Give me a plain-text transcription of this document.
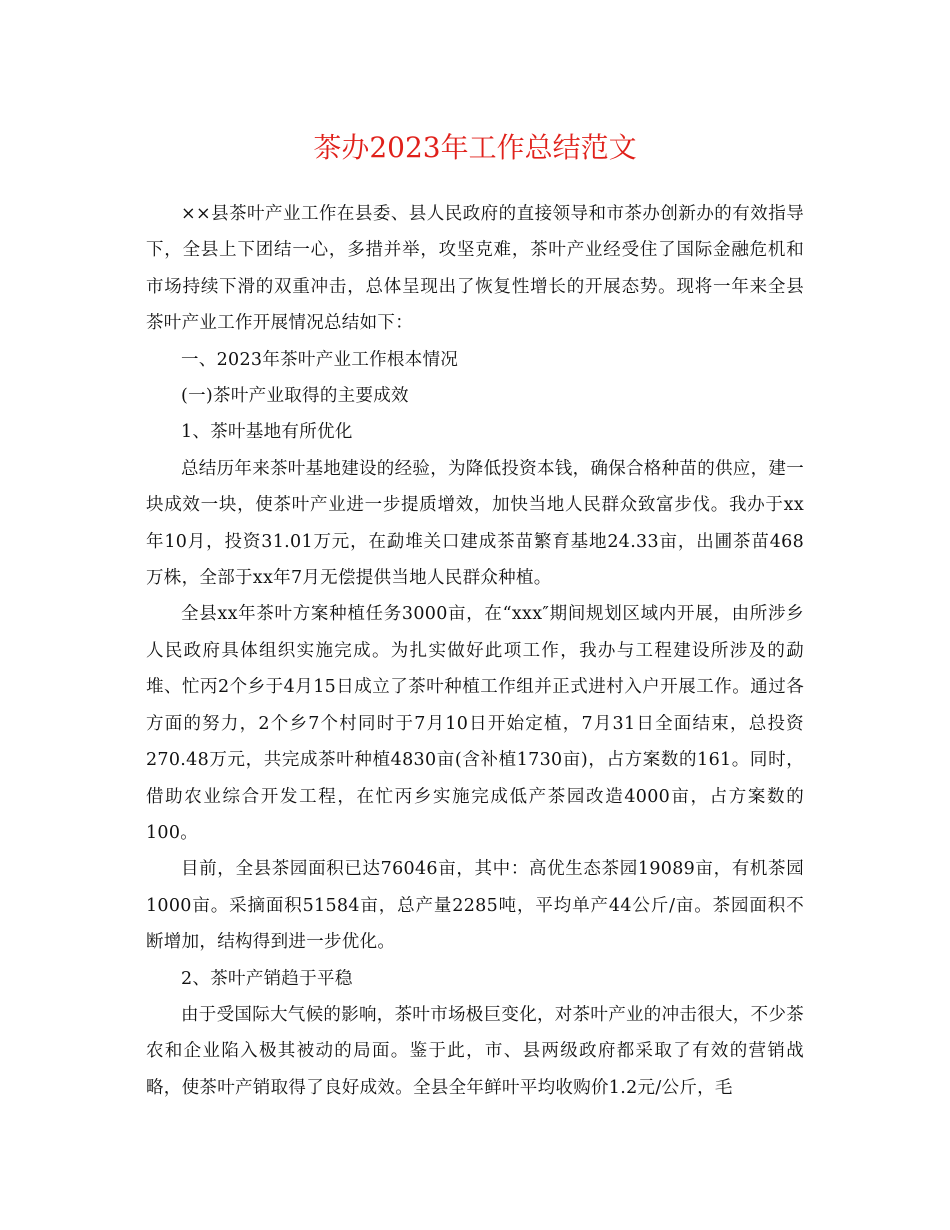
茶办2023年工作总结范文

××县茶叶产业工作在县委、县人民政府的直接领导和市茶办创新办的有效指导下，全县上下团结一心，多措并举，攻坚克难，茶叶产业经受住了国际金融危机和市场持续下滑的双重冲击，总体呈现出了恢复性增长的开展态势。现将一年来全县茶叶产业工作开展情况总结如下：

一、2023年茶叶产业工作根本情况

(一)茶叶产业取得的主要成效

1、茶叶基地有所优化

总结历年来茶叶基地建设的经验，为降低投资本钱，确保合格种苗的供应，建一块成效一块，使茶叶产业进一步提质增效，加快当地人民群众致富步伐。我办于xx年10月，投资31.01万元，在勐堆关口建成茶苗繁育基地24.33亩，出圃茶苗468万株，全部于xx年7月无偿提供当地人民群众种植。

全县xx年茶叶方案种植任务3000亩，在“xxx″期间规划区域内开展，由所涉乡人民政府具体组织实施完成。为扎实做好此项工作，我办与工程建设所涉及的勐堆、忙丙2个乡于4月15日成立了茶叶种植工作组并正式进村入户开展工作。通过各方面的努力，2个乡7个村同时于7月10日开始定植，7月31日全面结束，总投资270.48万元，共完成茶叶种植4830亩(含补植1730亩)，占方案数的161。同时，借助农业综合开发工程，在忙丙乡实施完成低产茶园改造4000亩，占方案数的100。

目前，全县茶园面积已达76046亩，其中：高优生态茶园19089亩，有机茶园1000亩。采摘面积51584亩，总产量2285吨，平均单产44公斤/亩。茶园面积不断增加，结构得到进一步优化。

2、茶叶产销趋于平稳

由于受国际大气候的影响，茶叶市场极巨变化，对茶叶产业的冲击很大，不少茶农和企业陷入极其被动的局面。鉴于此，市、县两级政府都采取了有效的营销战略，使茶叶产销取得了良好成效。全县全年鲜叶平均收购价1.2元/公斤，毛
